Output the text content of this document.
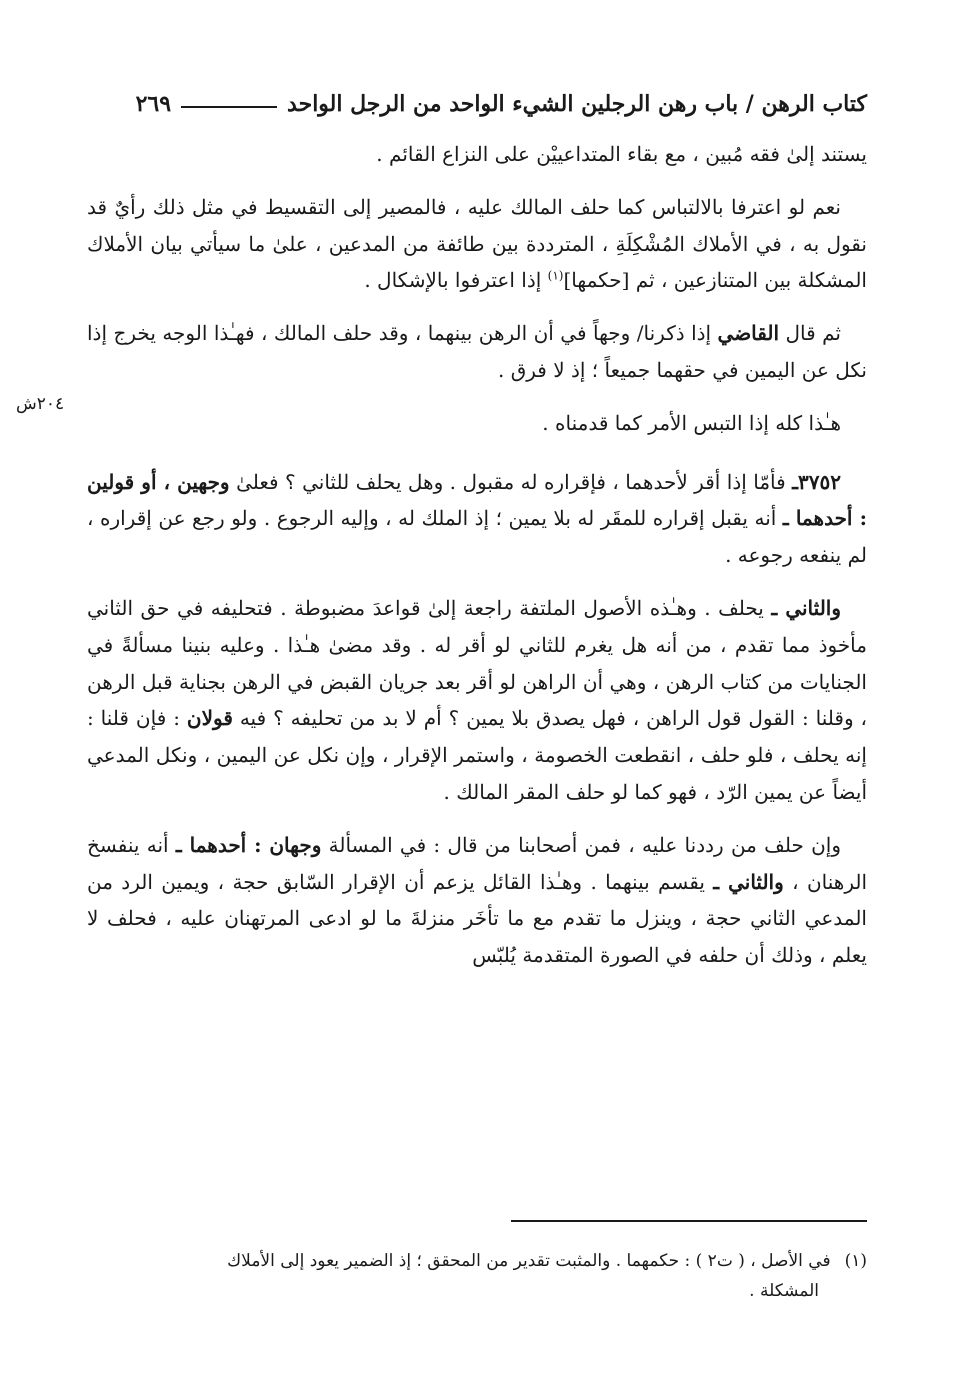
كتاب الرهن / باب رهن الرجلين الشيء الواحد من الرجل الواحد
٢٦٩
٢٠٤ش

يستند إلىٰ فقه مُبين ، مع بقاء المتداعييْن على النزاع القائم .

نعم لو اعترفا بالالتباس كما حلف المالك عليه ، فالمصير إلى التقسيط في مثل ذلك رأيٌ قد نقول به ، في الأملاك المُشْكِلَةِ ، المترددة بين طائفة من المدعين ، علىٰ ما سيأتي بيان الأملاك المشكلة بين المتنازعين ، ثم [حكمها]$^{(١)}$ إذا اعترفوا بالإشكال .

ثم قال القاضي إذا ذكرنا/ وجهاً في أن الرهن بينهما ، وقد حلف المالك ، فهـٰذا الوجه يخرج إذا نكل عن اليمين في حقهما جميعاً ؛ إذ لا فرق .

هـٰذا كله إذا التبس الأمر كما قدمناه .

٣٧٥٢ـ فأمّا إذا أقر لأحدهما ، فإقراره له مقبول . وهل يحلف للثاني ؟ فعلىٰ وجهين ، أو قولين : أحدهما ـ أنه يقبل إقراره للمقَر له بلا يمين ؛ إذ الملك له ، وإليه الرجوع . ولو رجع عن إقراره ، لم ينفعه رجوعه .

والثاني ـ يحلف . وهـٰذه الأصول الملتفة راجعة إلىٰ قواعدَ مضبوطة . فتحليفه في حق الثاني مأخوذ مما تقدم ، من أنه هل يغرم للثاني لو أقر له . وقد مضىٰ هـٰذا . وعليه بنينا مسألةً في الجنايات من كتاب الرهن ، وهي أن الراهن لو أقر بعد جريان القبض في الرهن بجناية قبل الرهن ، وقلنا : القول قول الراهن ، فهل يصدق بلا يمين ؟ أم لا بد من تحليفه ؟ فيه قولان : فإن قلنا : إنه يحلف ، فلو حلف ، انقطعت الخصومة ، واستمر الإقرار ، وإن نكل عن اليمين ، ونكل المدعي أيضاً عن يمين الرّد ، فهو كما لو حلف المقر المالك .

وإن حلف من رددنا عليه ، فمن أصحابنا من قال : في المسألة وجهان : أحدهما ـ أنه ينفسخ الرهنان ، والثاني ـ يقسم بينهما . وهـٰذا القائل يزعم أن الإقرار السّابق حجة ، ويمين الرد من المدعي الثاني حجة ، وينزل ما تقدم مع ما تأخَر منزلةَ ما لو ادعى المرتهنان عليه ، فحلف لا يعلم ، وذلك أن حلفه في الصورة المتقدمة يُلبّس

(١)في الأصل ، ( ت٢ ) : حكمهما . والمثبت تقدير من المحقق ؛ إذ الضمير يعود إلى الأملاك
المشكلة .
